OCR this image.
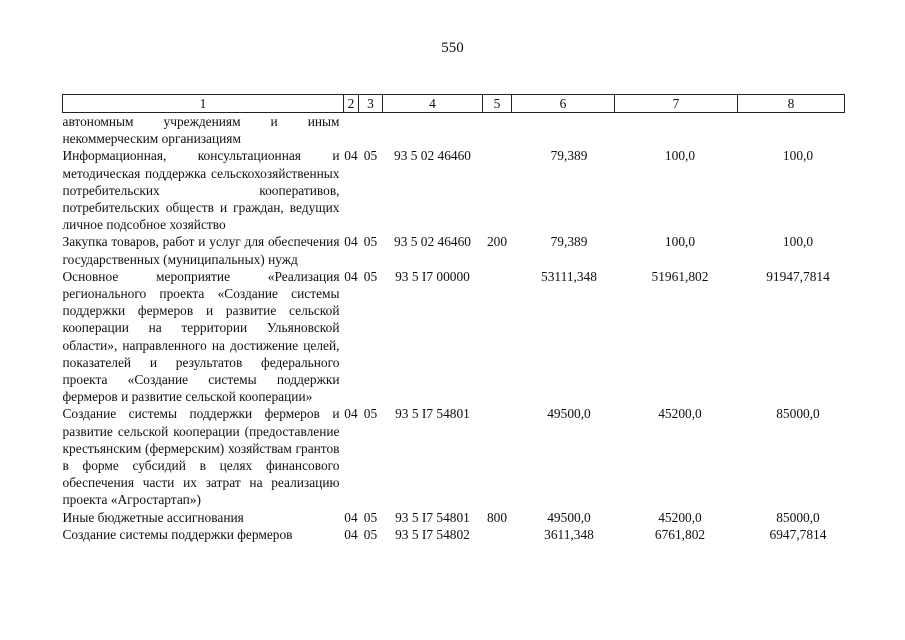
550
1	2	3	4	5	6	7	8

автономным учреждениям и иным некоммерческим организациям							

Информационная, консультационная и методическая поддержка сельскохозяйственных потребительских кооперативов, потребительских обществ и граждан, ведущих личное подсобное хозяйство	04	05	93 5 02 46460		79,389	100,0	100,0

Закупка товаров, работ и услуг для обеспечения государственных (муниципальных) нужд	04	05	93 5 02 46460	200	79,389	100,0	100,0

Основное мероприятие «Реализация регионального проекта «Создание системы поддержки фермеров и развитие сельской кооперации на территории Ульяновской области», направленного на достижение целей, показателей и результатов федерального проекта «Создание системы поддержки фермеров и развитие сельской кооперации»	04	05	93 5 I7 00000		53111,348	51961,802	91947,7814

Создание системы поддержки фермеров и развитие сельской кооперации (предоставление крестьянским (фермерским) хозяйствам грантов в форме субсидий в целях финансового обеспечения части их затрат на реализацию проекта «Агростартап»)	04	05	93 5 I7 54801		49500,0	45200,0	85000,0

Иные бюджетные ассигнования	04	05	93 5 I7 54801	800	49500,0	45200,0	85000,0

Создание системы поддержки фермеров	04	05	93 5 I7 54802		3611,348	6761,802	6947,7814
